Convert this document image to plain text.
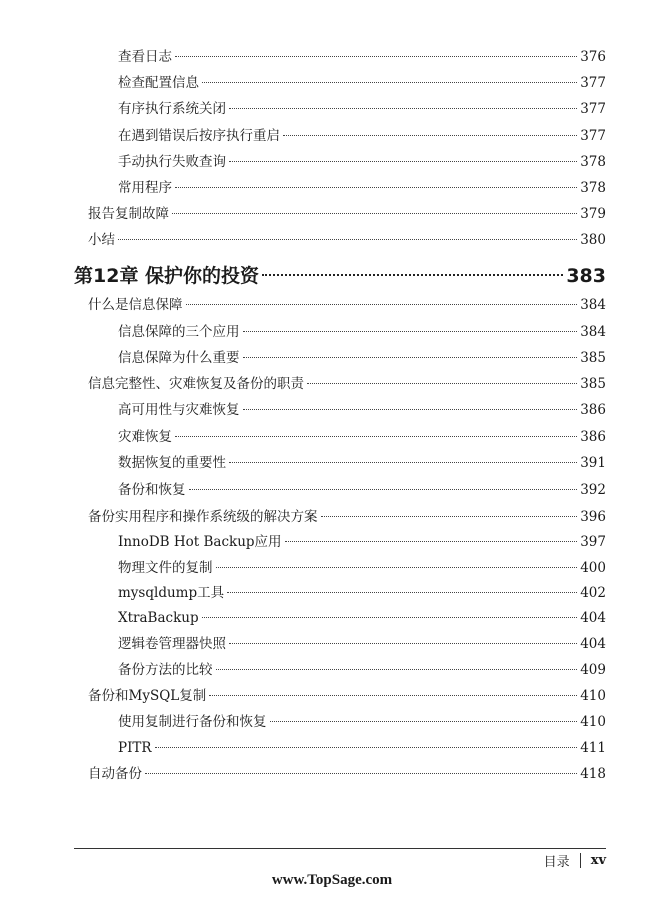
查看日志	376
检查配置信息	377
有序执行系统关闭	377
在遇到错误后按序执行重启	377
手动执行失败查询	378
常用程序	378
报告复制故障	379
小结	380
第12章 保护你的投资	383
什么是信息保障	384
信息保障的三个应用	384
信息保障为什么重要	385
信息完整性、灾难恢复及备份的职责	385
高可用性与灾难恢复	386
灾难恢复	386
数据恢复的重要性	391
备份和恢复	392
备份实用程序和操作系统级的解决方案	396
InnoDB Hot Backup应用	397
物理文件的复制	400
mysqldump工具	402
XtraBackup	404
逻辑卷管理器快照	404
备份方法的比较	409
备份和MySQL复制	410
使用复制进行备份和恢复	410
PITR	411
自动备份	418
目录 xv
www.TopSage.com
